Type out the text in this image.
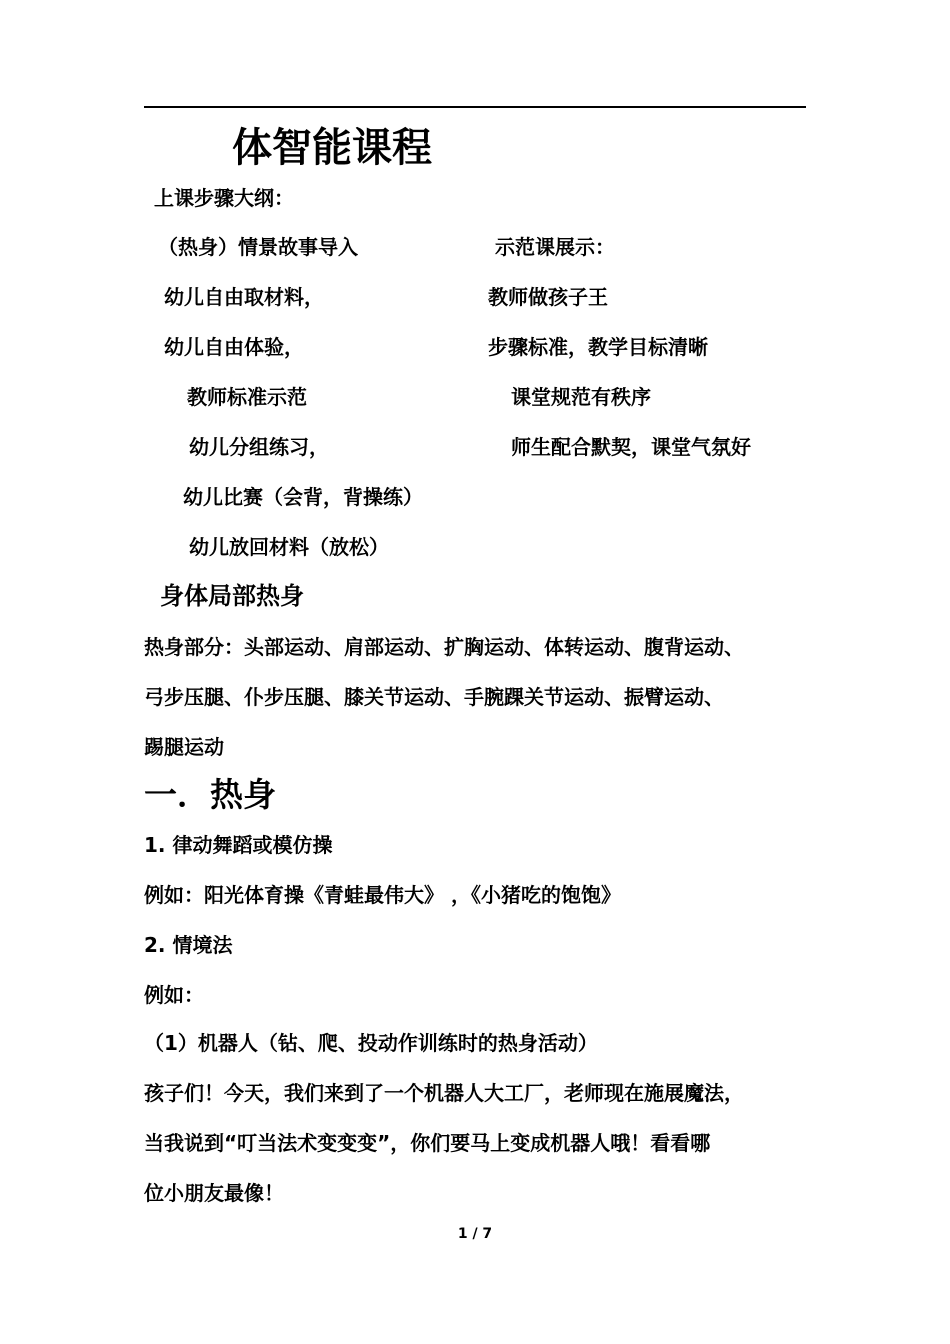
体智能课程
上课步骤大纲：
（热身）情景故事导入
幼儿自由取材料，
幼儿自由体验，
教师标准示范
幼儿分组练习，
幼儿比赛（会背，背操练）
幼儿放回材料（放松）
示范课展示：
教师做孩子王
步骤标准，教学目标清晰
课堂规范有秩序
师生配合默契，课堂气氛好
身体局部热身
热身部分：头部运动、肩部运动、扩胸运动、体转运动、腹背运动、
弓步压腿、仆步压腿、膝关节运动、手腕踝关节运动、振臂运动、
踢腿运动
一．热身
1. 律动舞蹈或模仿操
例如：阳光体育操《青蛙最伟大》 ，《小猪吃的饱饱》
2. 情境法
例如：
（1）机器人（钻、爬、投动作训练时的热身活动）
孩子们！今天，我们来到了一个机器人大工厂，老师现在施展魔法，
当我说到“叮当法术变变变”，你们要马上变成机器人哦！看看哪
位小朋友最像！
1 / 7
